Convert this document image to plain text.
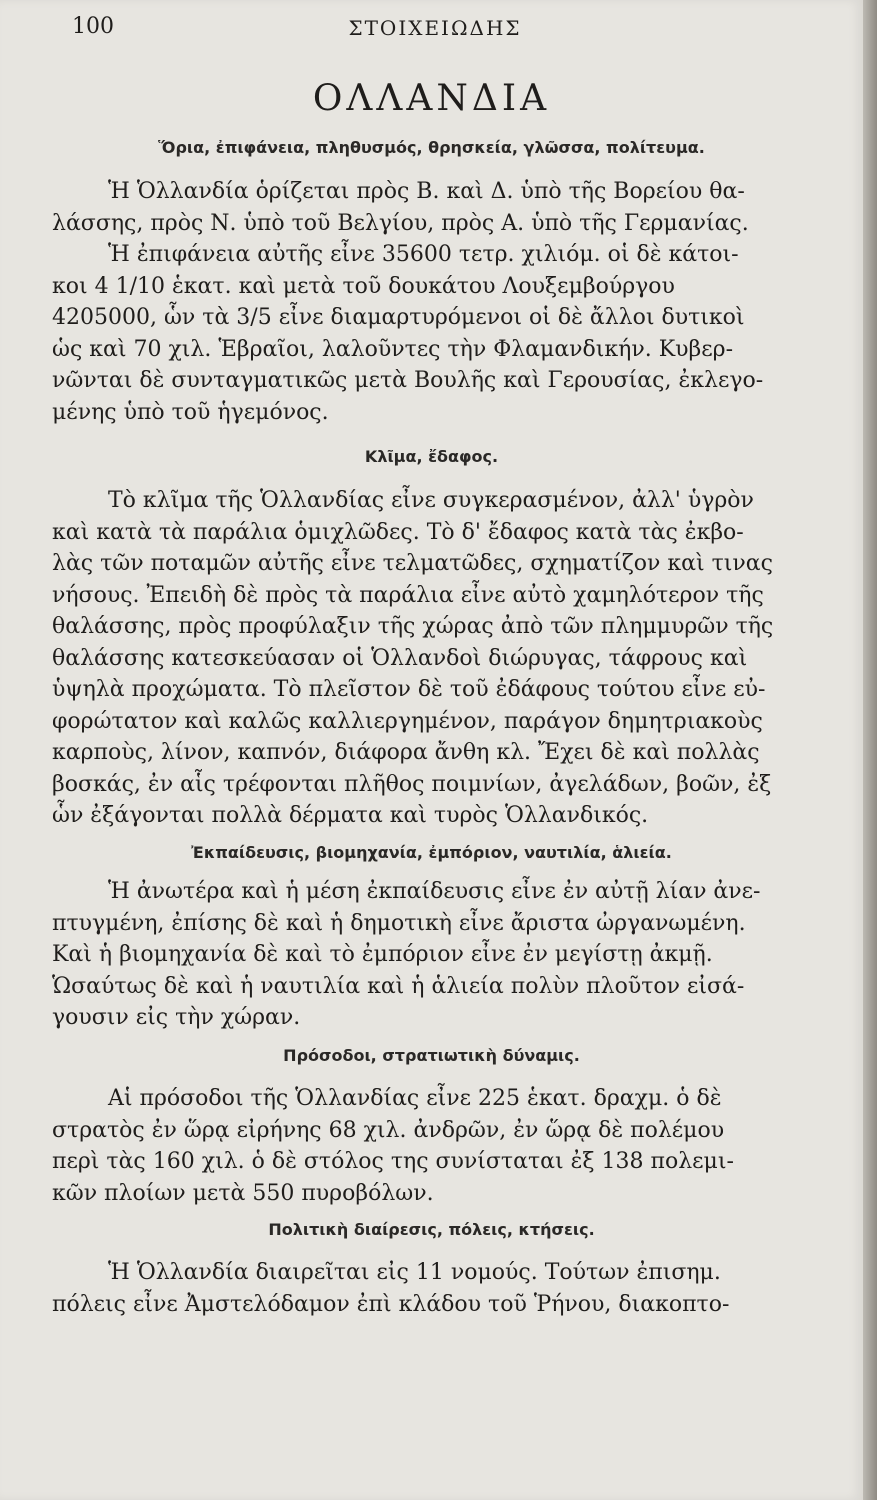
100	ΣΤΟΙΧΕΙΩΔΗΣ
ΟΛΛΑΝΔΙΑ
Ὅρια, ἐπιφάνεια, πληθυσμός, θρησκεία, γλῶσσα, πολίτευμα.
Ἡ Ὁλλανδία ὁρίζεται πρὸς Β. καὶ Δ. ὑπὸ τῆς Βορείου θα-
λάσσης, πρὸς Ν. ὑπὸ τοῦ Βελγίου, πρὸς Α. ὑπὸ τῆς Γερμανίας.
Ἡ ἐπιφάνεια αὐτῆς εἶνε 35600 τετρ. χιλιόμ. οἱ δὲ κάτοι-
κοι 4 1/10 ἑκατ. καὶ μετὰ τοῦ δουκάτου Λουξεμβούργου
4205000, ὧν τὰ 3/5 εἶνε διαμαρτυρόμενοι οἱ δὲ ἄλλοι δυτικοὶ
ὡς καὶ 70 χιλ. Ἑβραῖοι, λαλοῦντες τὴν Φλαμανδικήν. Κυβερ-
νῶνται δὲ συνταγματικῶς μετὰ Βουλῆς καὶ Γερουσίας, ἐκλεγο-
μένης ὑπὸ τοῦ ἡγεμόνος.
Κλῖμα, ἔδαφος.
Τὸ κλῖμα τῆς Ὁλλανδίας εἶνε συγκερασμένον, ἀλλ' ὑγρὸν
καὶ κατὰ τὰ παράλια ὁμιχλῶδες. Τὸ δ' ἔδαφος κατὰ τὰς ἐκβο-
λὰς τῶν ποταμῶν αὐτῆς εἶνε τελματῶδες, σχηματίζον καὶ τινας
νήσους. Ἐπειδὴ δὲ πρὸς τὰ παράλια εἶνε αὐτὸ χαμηλότερον τῆς
θαλάσσης, πρὸς προφύλαξιν τῆς χώρας ἀπὸ τῶν πλημμυρῶν τῆς
θαλάσσης κατεσκεύασαν οἱ Ὁλλανδοὶ διώρυγας, τάφρους καὶ
ὑψηλὰ προχώματα. Τὸ πλεῖστον δὲ τοῦ ἐδάφους τούτου εἶνε εὐ-
φορώτατον καὶ καλῶς καλλιεργημένον, παράγον δημητριακοὺς
καρποὺς, λίνον, καπνόν, διάφορα ἄνθη κλ. Ἔχει δὲ καὶ πολλὰς
βοσκάς, ἐν αἷς τρέφονται πλῆθος ποιμνίων, ἀγελάδων, βοῶν, ἐξ
ὧν ἐξάγονται πολλὰ δέρματα καὶ τυρὸς Ὁλλανδικός.
Ἐκπαίδευσις, βιομηχανία, ἐμπόριον, ναυτιλία, ἁλιεία.
Ἡ ἀνωτέρα καὶ ἡ μέση ἐκπαίδευσις εἶνε ἐν αὐτῇ λίαν ἀνε-
πτυγμένη, ἐπίσης δὲ καὶ ἡ δημοτικὴ εἶνε ἄριστα ὠργανωμένη.
Καὶ ἡ βιομηχανία δὲ καὶ τὸ ἐμπόριον εἶνε ἐν μεγίστῃ ἀκμῇ.
Ὡσαύτως δὲ καὶ ἡ ναυτιλία καὶ ἡ ἁλιεία πολὺν πλοῦτον εἰσά-
γουσιν εἰς τὴν χώραν.
Πρόσοδοι, στρατιωτικὴ δύναμις.
Αἱ πρόσοδοι τῆς Ὁλλανδίας εἶνε 225 ἑκατ. δραχμ. ὁ δὲ
στρατὸς ἐν ὥρᾳ εἰρήνης 68 χιλ. ἀνδρῶν, ἐν ὥρᾳ δὲ πολέμου
περὶ τὰς 160 χιλ. ὁ δὲ στόλος της συνίσταται ἐξ 138 πολεμι-
κῶν πλοίων μετὰ 550 πυροβόλων.
Πολιτικὴ διαίρεσις, πόλεις, κτήσεις.
Ἡ Ὁλλανδία διαιρεῖται εἰς 11 νομούς. Τούτων ἐπισημ.
πόλεις εἶνε Ἀμστελόδαμον ἐπὶ κλάδου τοῦ Ῥήνου, διακοπτο-
